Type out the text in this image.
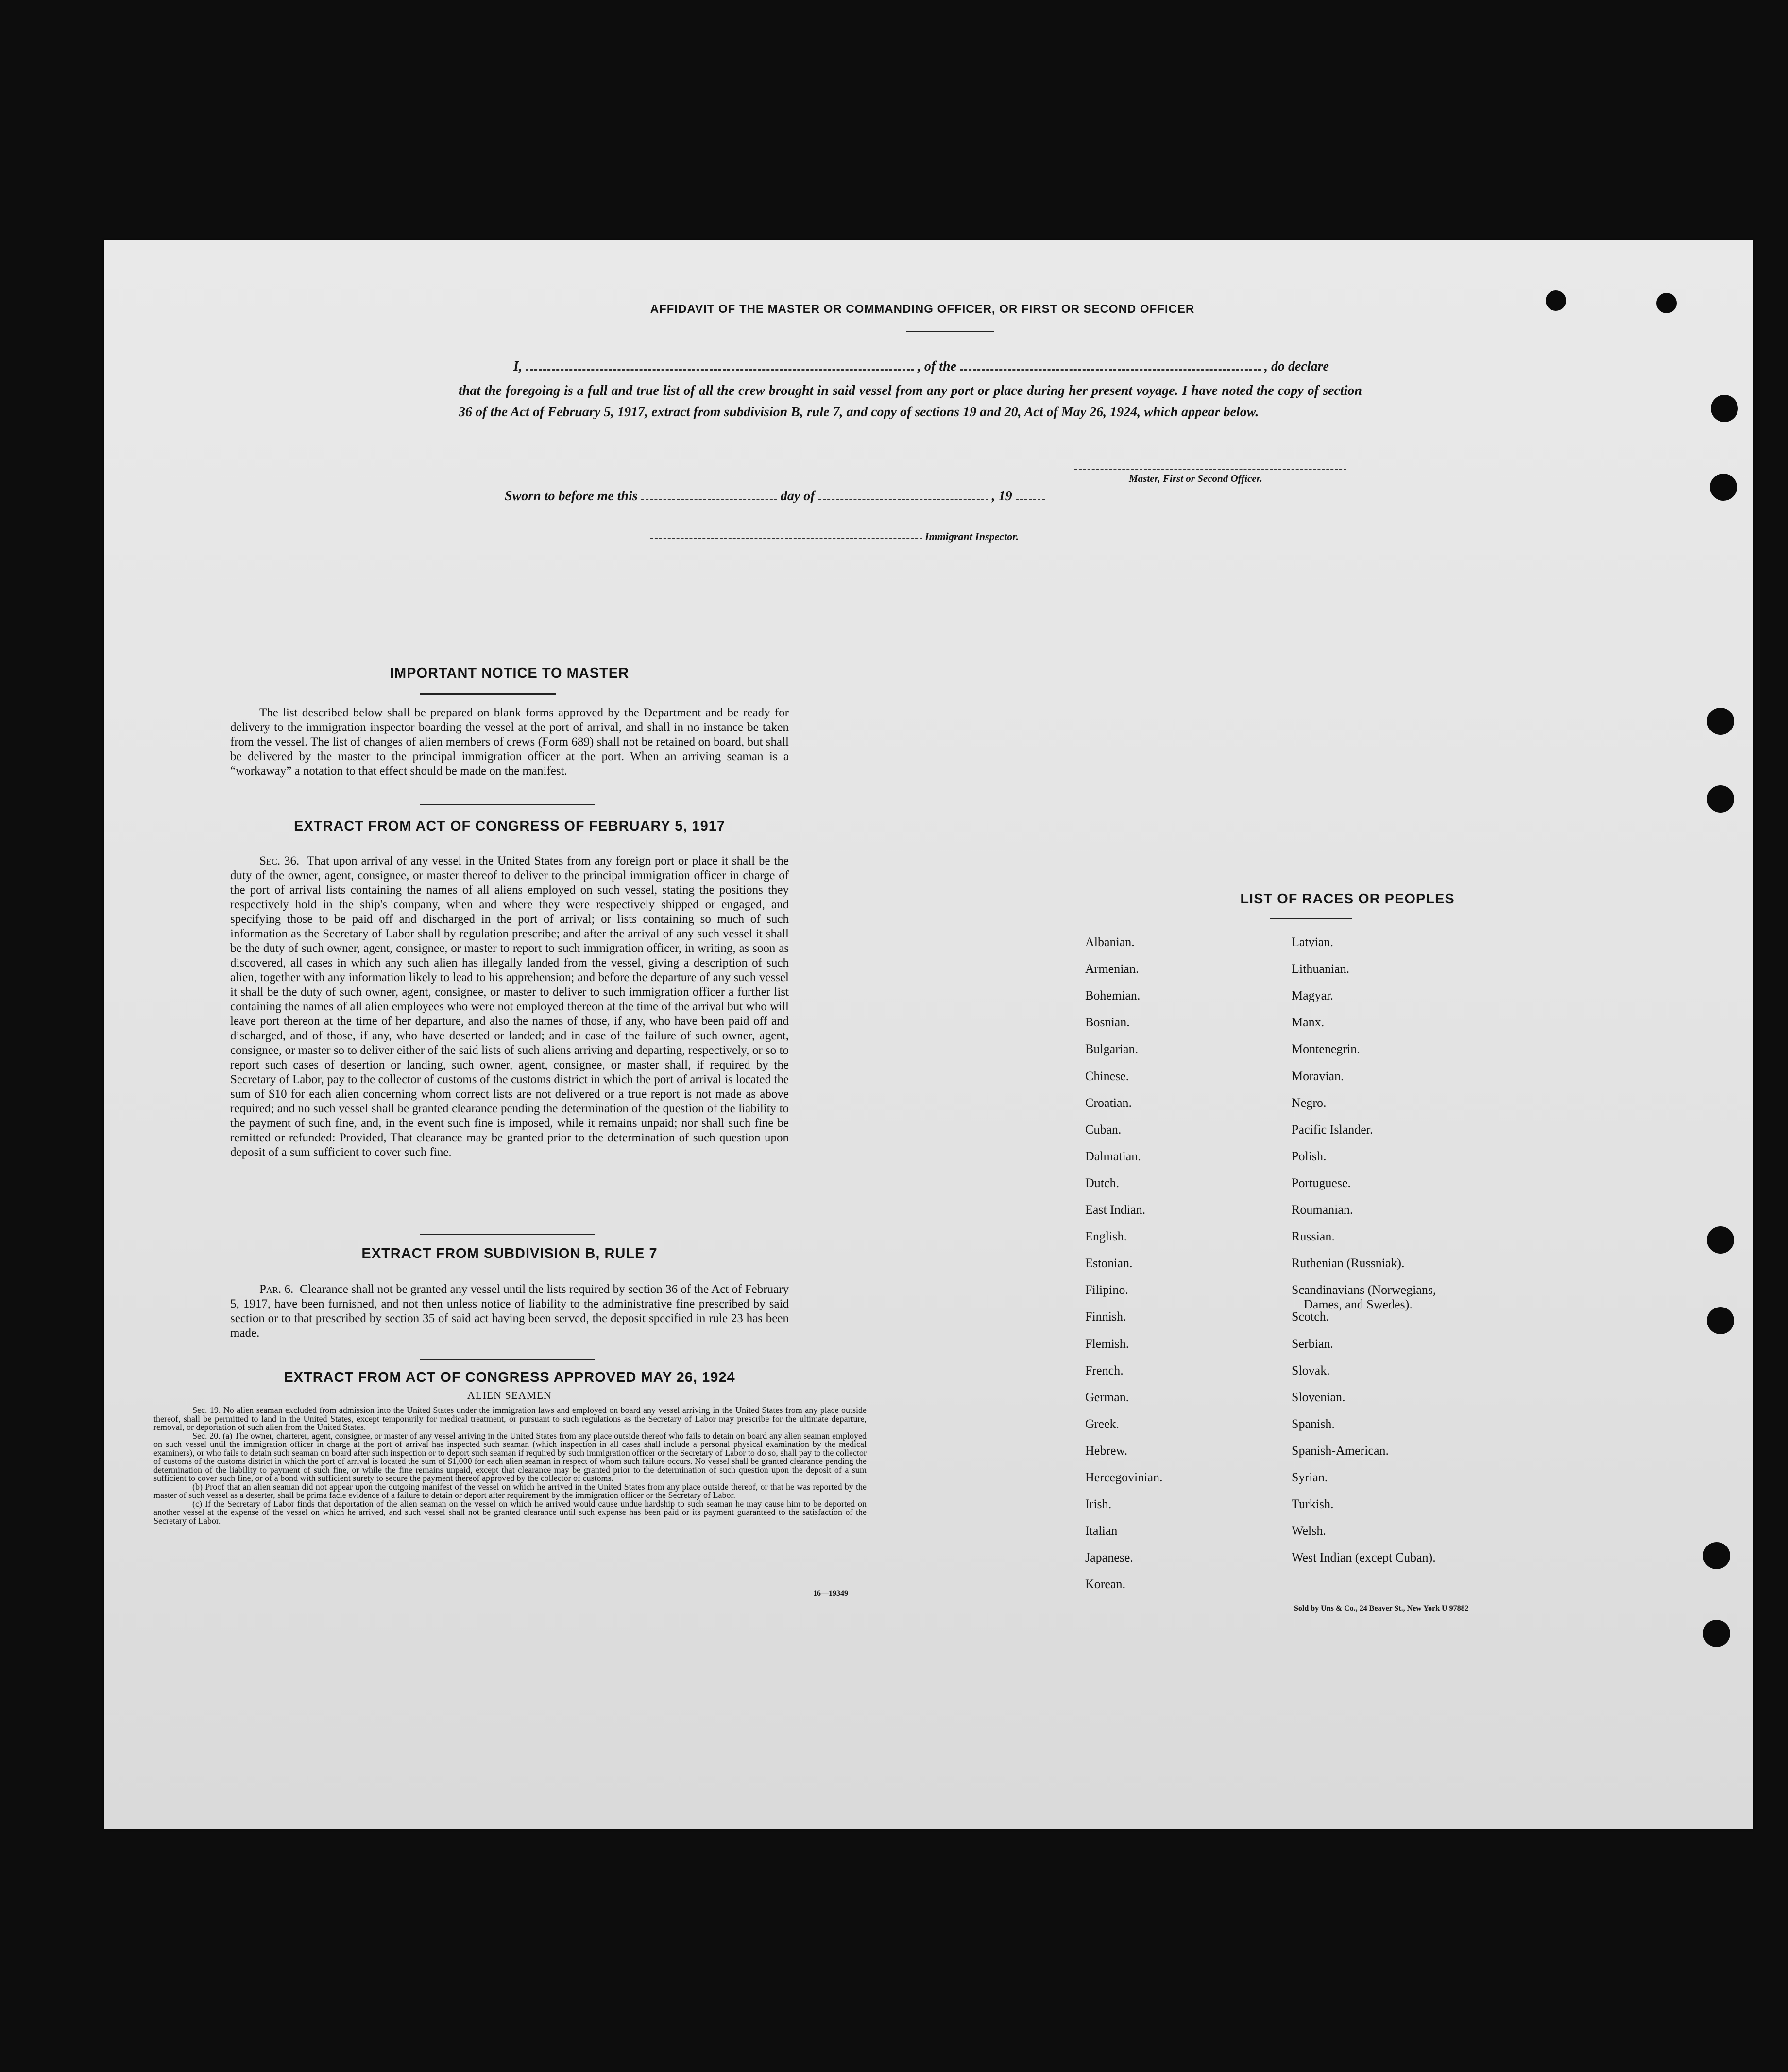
AFFIDAVIT OF THE MASTER OR COMMANDING OFFICER, OR FIRST OR SECOND OFFICER
I,	, of the	, do declare
that the foregoing is a full and true list of all the crew brought in said vessel from any port or place during her present voyage. I have noted the copy of section 36 of the Act of February 5, 1917, extract from subdivision B, rule 7, and copy of sections 19 and 20, Act of May 26, 1924, which appear below.
Master, First or Second Officer.
Sworn to before me this	day of	, 19
Immigrant Inspector.
IMPORTANT NOTICE TO MASTER

The list described below shall be prepared on blank forms approved by the Department and be ready for delivery to the immigration inspector boarding the vessel at the port of arrival, and shall in no instance be taken from the vessel. The list of changes of alien members of crews (Form 689) shall not be retained on board, but shall be delivered by the master to the principal immigration officer at the port. When an arriving seaman is a “workaway” a notation to that effect should be made on the manifest.

EXTRACT FROM ACT OF CONGRESS OF FEBRUARY 5, 1917

Sec. 36. That upon arrival of any vessel in the United States from any foreign port or place it shall be the duty of the owner, agent, consignee, or master thereof to deliver to the principal immigration officer in charge of the port of arrival lists containing the names of all aliens employed on such vessel, stating the positions they respectively hold in the ship's company, when and where they were respectively shipped or engaged, and specifying those to be paid off and discharged in the port of arrival; or lists containing so much of such information as the Secretary of Labor shall by regulation prescribe; and after the arrival of any such vessel it shall be the duty of such owner, agent, consignee, or master to report to such immigration officer, in writing, as soon as discovered, all cases in which any such alien has illegally landed from the vessel, giving a description of such alien, together with any information likely to lead to his apprehension; and before the departure of any such vessel it shall be the duty of such owner, agent, consignee, or master to deliver to such immigration officer a further list containing the names of all alien employees who were not employed thereon at the time of the arrival but who will leave port thereon at the time of her departure, and also the names of those, if any, who have been paid off and discharged, and of those, if any, who have deserted or landed; and in case of the failure of such owner, agent, consignee, or master so to deliver either of the said lists of such aliens arriving and departing, respectively, or so to report such cases of desertion or landing, such owner, agent, consignee, or master shall, if required by the Secretary of Labor, pay to the collector of customs of the customs district in which the port of arrival is located the sum of $10 for each alien concerning whom correct lists are not delivered or a true report is not made as above required; and no such vessel shall be granted clearance pending the determination of the question of the liability to the payment of such fine, and, in the event such fine is imposed, while it remains unpaid; nor shall such fine be remitted or refunded: Provided, That clearance may be granted prior to the determination of such question upon deposit of a sum sufficient to cover such fine.

EXTRACT FROM SUBDIVISION B, RULE 7

Par. 6. Clearance shall not be granted any vessel until the lists required by section 36 of the Act of February 5, 1917, have been furnished, and not then unless notice of liability to the administrative fine prescribed by said section or to that prescribed by section 35 of said act having been served, the deposit specified in rule 23 has been made.

EXTRACT FROM ACT OF CONGRESS APPROVED MAY 26, 1924
ALIEN SEAMEN

Sec. 19. No alien seaman excluded from admission into the United States under the immigration laws and employed on board any vessel arriving in the United States from any place outside thereof, shall be permitted to land in the United States, except temporarily for medical treatment, or pursuant to such regulations as the Secretary of Labor may prescribe for the ultimate departure, removal, or deportation of such alien from the United States.

Sec. 20. (a) The owner, charterer, agent, consignee, or master of any vessel arriving in the United States from any place outside thereof who fails to detain on board any alien seaman employed on such vessel until the immigration officer in charge at the port of arrival has inspected such seaman (which inspection in all cases shall include a personal physical examination by the medical examiners), or who fails to detain such seaman on board after such inspection or to deport such seaman if required by such immigration officer or the Secretary of Labor to do so, shall pay to the collector of customs of the customs district in which the port of arrival is located the sum of $1,000 for each alien seaman in respect of whom such failure occurs. No vessel shall be granted clearance pending the determination of the liability to payment of such fine, or while the fine remains unpaid, except that clearance may be granted prior to the determination of such question upon the deposit of a sum sufficient to cover such fine, or of a bond with sufficient surety to secure the payment thereof approved by the collector of customs.

(b) Proof that an alien seaman did not appear upon the outgoing manifest of the vessel on which he arrived in the United States from any place outside thereof, or that he was reported by the master of such vessel as a deserter, shall be prima facie evidence of a failure to detain or deport after requirement by the immigration officer or the Secretary of Labor.

(c) If the Secretary of Labor finds that deportation of the alien seaman on the vessel on which he arrived would cause undue hardship to such seaman he may cause him to be deported on another vessel at the expense of the vessel on which he arrived, and such vessel shall not be granted clearance until such expense has been paid or its payment guaranteed to the satisfaction of the Secretary of Labor.

16—19349
LIST OF RACES OR PEOPLES
Sold by Uns & Co., 24 Beaver St., New York U 97882
Albanian.
Armenian.
Bohemian.
Bosnian.
Bulgarian.
Chinese.
Croatian.
Cuban.
Dalmatian.
Dutch.
East Indian.
English.
Estonian.
Filipino.
Finnish.
Flemish.
French.
German.
Greek.
Hebrew.
Hercegovinian.
Irish.
Italian
Japanese.
Korean.
Latvian.
Lithuanian.
Magyar.
Manx.
Montenegrin.
Moravian.
Negro.
Pacific Islander.
Polish.
Portuguese.
Roumanian.
Russian.
Ruthenian (Russniak).
Scandinavians (Norwegians,
Dames, and Swedes).
Scotch.
Serbian.
Slovak.
Slovenian.
Spanish.
Spanish-American.
Syrian.
Turkish.
Welsh.
West Indian (except Cuban).
